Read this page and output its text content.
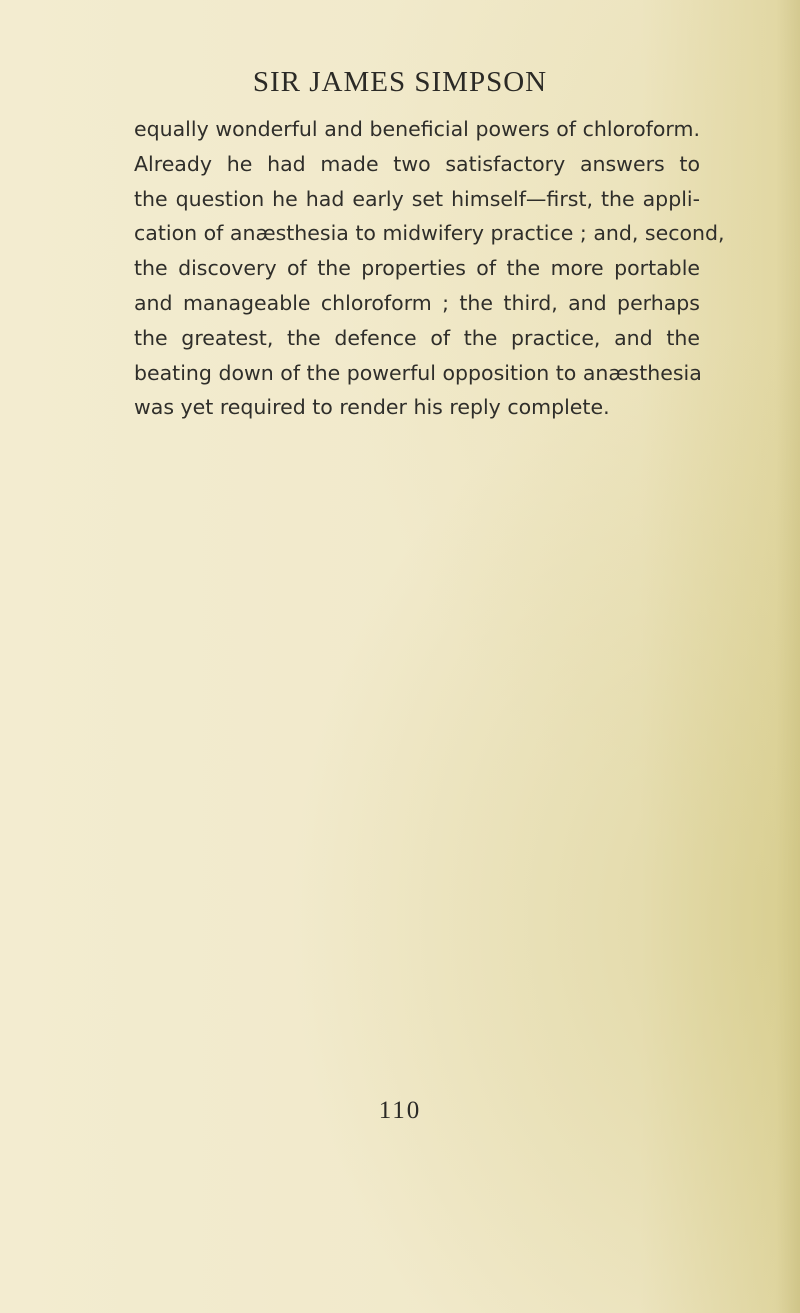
SIR JAMES SIMPSON
equally wonderful and beneficial powers of chloroform.
Already he had made two satisfactory answers to
the question he had early set himself—first, the appli-
cation of anæsthesia to midwifery practice ; and, second,
the discovery of the properties of the more portable
and manageable chloroform ; the third, and perhaps
the greatest, the defence of the practice, and the
beating down of the powerful opposition to anæsthesia
was yet required to render his reply complete.
110
